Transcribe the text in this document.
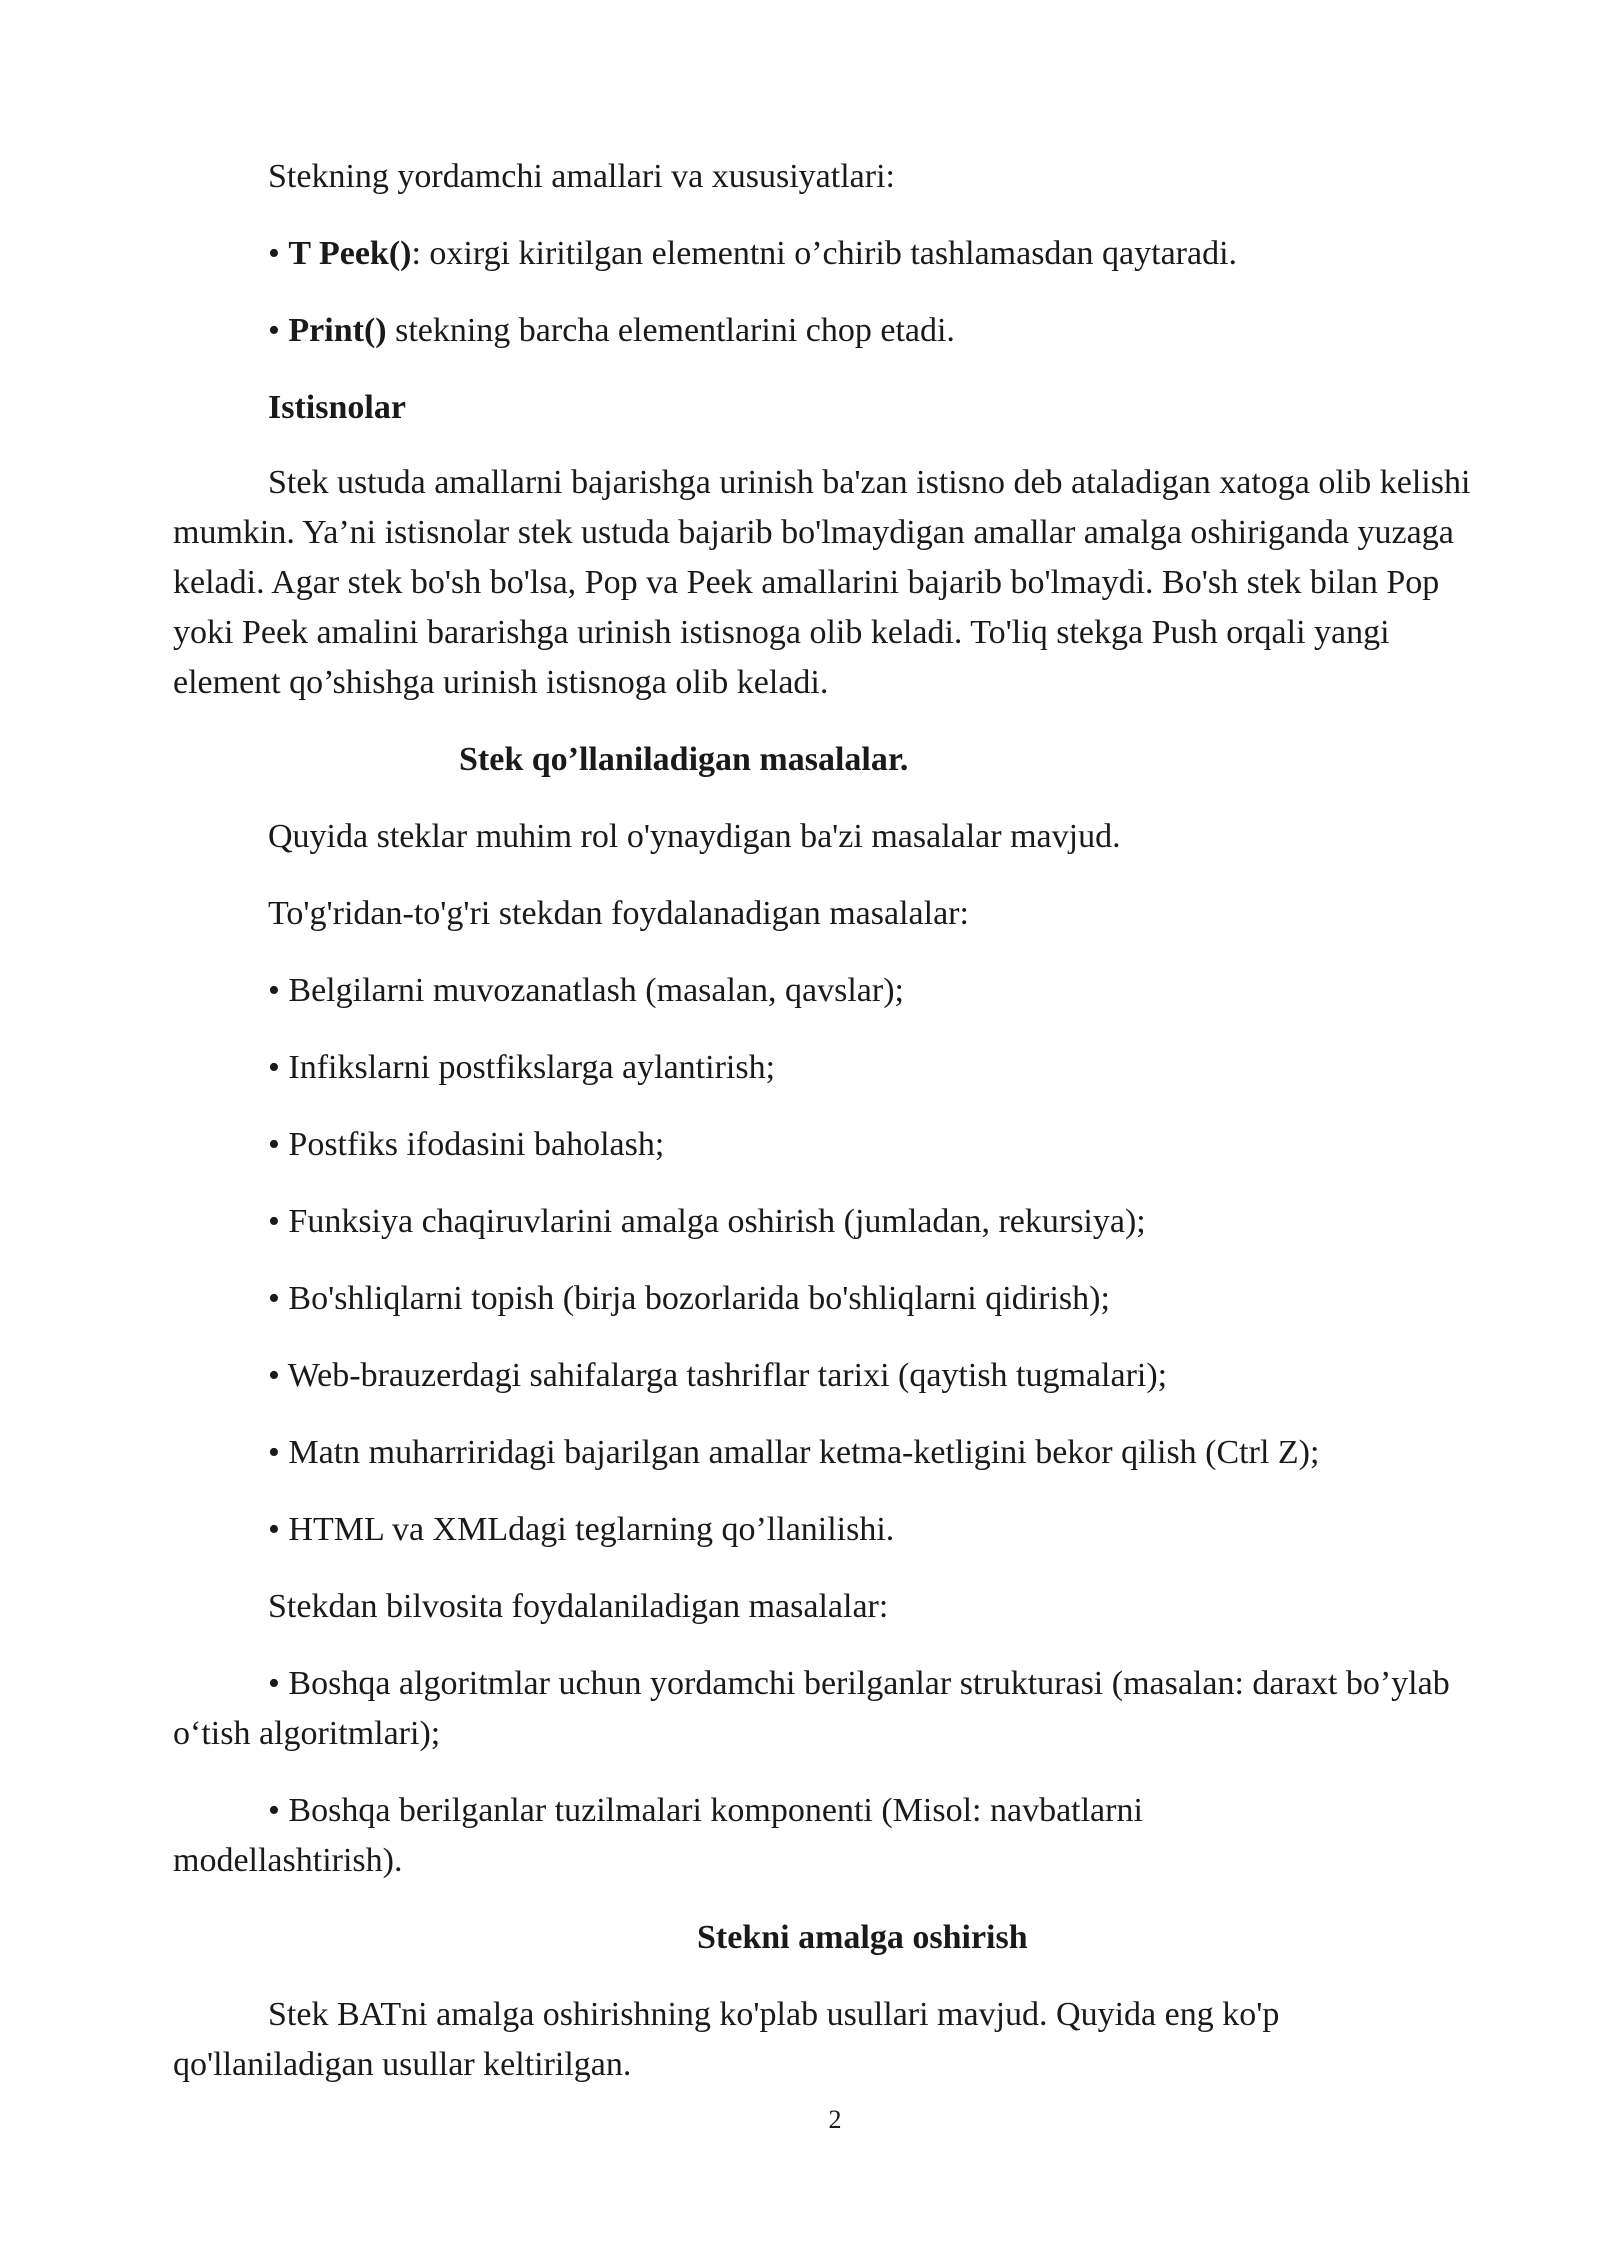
Stekning yordamchi amallari va xususiyatlari:
• T Peek(): oxirgi kiritilgan elementni o’chirib tashlamasdan qaytaradi.
• Print() stekning barcha elementlarini chop etadi.
Istisnolar
Stek ustuda amallarni bajarishga urinish ba'zan istisno deb ataladigan xatoga olib kelishi mumkin. Ya’ni istisnolar stek ustuda bajarib bo'lmaydigan amallar amalga oshiriganda yuzaga keladi. Agar stek bo'sh bo'lsa, Pop va Peek amallarini bajarib bo'lmaydi. Bo'sh stek bilan Pop yoki Peek amalini bararishga urinish istisnoga olib keladi. To'liq stekga Push orqali yangi element qo’shishga urinish istisnoga olib keladi.
Stek qo’llaniladigan masalalar.
Quyida steklar muhim rol o'ynaydigan ba'zi masalalar mavjud.
To'g'ridan-to'g'ri stekdan foydalanadigan masalalar:
• Belgilarni muvozanatlash (masalan, qavslar);
• Infikslarni postfikslarga aylantirish;
• Postfiks ifodasini baholash;
• Funksiya chaqiruvlarini amalga oshirish (jumladan, rekursiya);
• Bo'shliqlarni topish (birja bozorlarida bo'shliqlarni qidirish);
• Web-brauzerdagi sahifalarga tashriflar tarixi (qaytish tugmalari);
• Matn muharriridagi bajarilgan amallar ketma-ketligini bekor qilish (Ctrl Z);
• HTML va XMLdagi teglarning qo’llanilishi.
Stekdan bilvosita foydalaniladigan masalalar:
• Boshqa algoritmlar uchun yordamchi berilganlar strukturasi (masalan: daraxt bo’ylab o‘tish algoritmlari);
• Boshqa berilganlar tuzilmalari komponenti (Misol: navbatlarni modellashtirish).
Stekni amalga oshirish
Stek BATni amalga oshirishning ko'plab usullari mavjud. Quyida eng ko'p qo'llaniladigan usullar keltirilgan.
2
